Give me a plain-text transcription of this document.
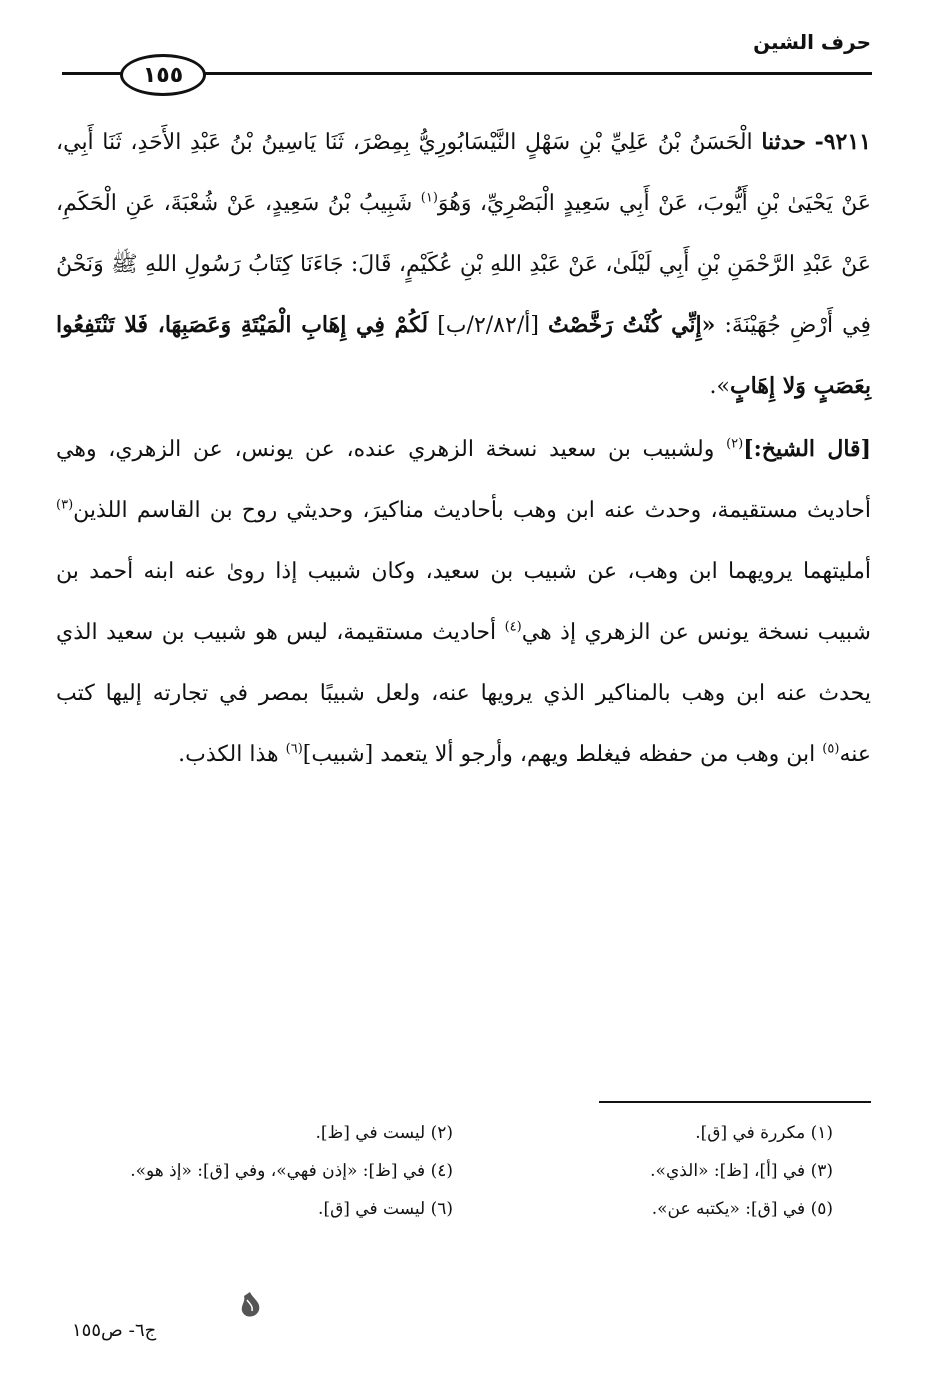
حرف الشين
١٥٥

٩٢١١- حدثنا الْحَسَنُ بْنُ عَلِيِّ بْنِ سَهْلٍ النَّيْسَابُورِيُّ بِمِصْرَ، ثَنَا يَاسِينُ بْنُ عَبْدِ الأَحَدِ، ثَنَا أَبِي، عَنْ يَحْيَىٰ بْنِ أَيُّوبَ، عَنْ أَبِي سَعِيدٍ الْبَصْرِيِّ، وَهُوَ$^{(١)}$ شَبِيبُ بْنُ سَعِيدٍ، عَنْ شُعْبَةَ، عَنِ الْحَكَمِ، عَنْ عَبْدِ الرَّحْمَنِ بْنِ أَبِي لَيْلَىٰ، عَنْ عَبْدِ اللهِ بْنِ عُكَيْمٍ، قَالَ: جَاءَنَا كِتَابُ رَسُولِ اللهِ ﷺ وَنَحْنُ فِي أَرْضِ جُهَيْنَةَ: «إِنِّي كُنْتُ رَخَّصْتُ [أ/٢/٨٢/ب] لَكُمْ فِي إِهَابِ الْمَيْتَةِ وَعَصَبِهَا، فَلا تَنْتَفِعُوا بِعَصَبٍ وَلا إِهَابٍ».

[قال الشيخ:]$^{(٢)}$ ولشبيب بن سعيد نسخة الزهري عنده، عن يونس، عن الزهري، وهي أحاديث مستقيمة، وحدث عنه ابن وهب بأحاديث مناكيرَ، وحديثي روح بن القاسم اللذين$^{(٣)}$ أمليتهما يرويهما ابن وهب، عن شبيب بن سعيد، وكان شبيب إذا روىٰ عنه ابنه أحمد بن شبيب نسخة يونس عن الزهري إذ هي$^{(٤)}$ أحاديث مستقيمة، ليس هو شبيب بن سعيد الذي يحدث عنه ابن وهب بالمناكير الذي يرويها عنه، ولعل شبيبًا بمصر في تجارته إليها كتب عنه$^{(٥)}$ ابن وهب من حفظه فيغلط ويهم، وأرجو ألا يتعمد [شبيب]$^{(٦)}$ هذا الكذب.

(١) مكررة في [ق].
(٢) ليست في [ظ].
(٣) في [أ]، [ظ]: «الذي».
(٤) في [ظ]: «إذن فهي»، وفي [ق]: «إذ هو».
(٥) في [ق]: «يكتبه عن».
(٦) ليست في [ق].
ج٦- ص١٥٥
